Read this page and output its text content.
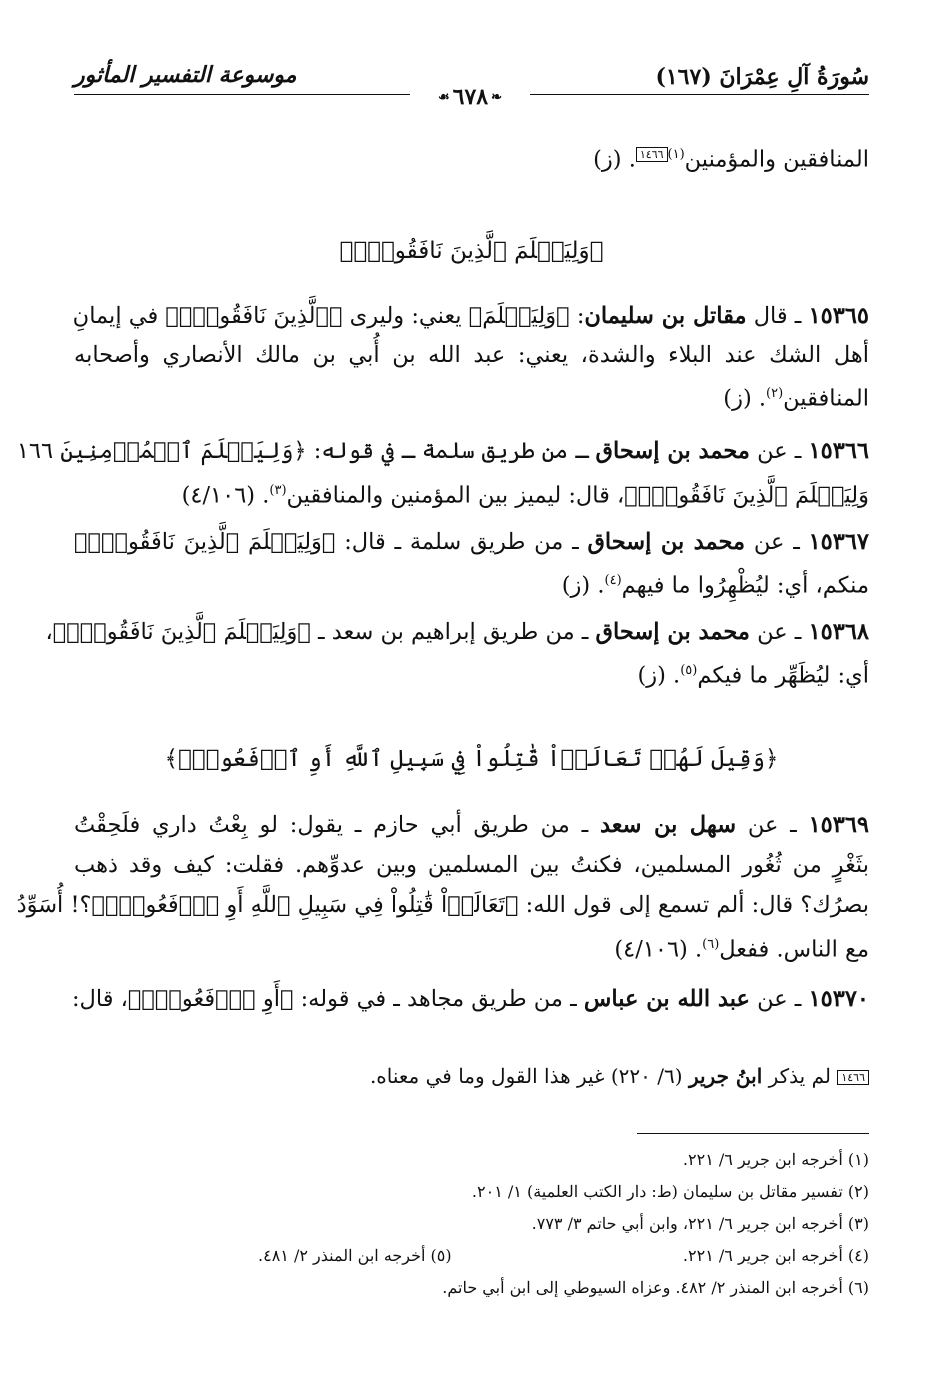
سُورَةُ آلِ عِمْرَانَ (١٦٧)
موسوعة التفسير المأثور
❧٦٧٨☙
المنافقين والمؤمنين$^{(١)}$١٤٦٦. (ز)
﴿وَلِيَعۡلَمَ ٱلَّذِينَ نَافَقُواْۚ﴾
١٥٣٦٥ ـ قال مقاتل بن سليمان: ﴿وَلِيَعۡلَمَ﴾ يعني: وليرى ﴿ٱلَّذِينَ نَافَقُواْۚ﴾ في إيمانِ
أهل الشك عند البلاء والشدة، يعني: عبد الله بن أُبي بن مالك الأنصاري وأصحابه
المنافقين$^{(٢)}$. (ز)
١٥٣٦٦ ـ عن محمد بن إسحاق ـ من طريق سلمة ـ في قوله: ﴿وَلِيَعۡلَمَ ٱلۡمُؤۡمِنِينَ ١٦٦
وَلِيَعۡلَمَ ٱلَّذِينَ نَافَقُواْۚ﴾، قال: ليميز بين المؤمنين والمنافقين$^{(٣)}$. (٤/١٠٦)
١٥٣٦٧ ـ عن محمد بن إسحاق ـ من طريق سلمة ـ قال: ﴿وَلِيَعۡلَمَ ٱلَّذِينَ نَافَقُواْۚ﴾
منكم، أي: ليُظْهِرُوا ما فيهم$^{(٤)}$. (ز)
١٥٣٦٨ ـ عن محمد بن إسحاق ـ من طريق إبراهيم بن سعد ـ ﴿وَلِيَعۡلَمَ ٱلَّذِينَ نَافَقُواْۚ﴾،
أي: ليُظَهِّر ما فيكم$^{(٥)}$. (ز)
﴿وَقِيلَ لَهُمۡ تَعَالَوۡاْ قَٰتِلُواْ فِي سَبِيلِ ٱللَّهِ أَوِ ٱدۡفَعُواْۖ﴾
١٥٣٦٩ ـ عن سهل بن سعد ـ من طريق أبي حازم ـ يقول: لو بِعْتُ داري فلَحِقْتُ
بثَغْرٍ من ثُغُور المسلمين، فكنتُ بين المسلمين وبين عدوِّهم. فقلت: كيف وقد ذهب
بصرُك؟ قال: ألم تسمع إلى قول الله: ﴿تَعَالَوۡاْ قَٰتِلُواْ فِي سَبِيلِ ٱللَّهِ أَوِ ٱدۡفَعُواْۖ﴾؟! أُسَوِّدُ
مع الناس. ففعل$^{(٦)}$. (٤/١٠٦)
١٥٣٧٠ ـ عن عبد الله بن عباس ـ من طريق مجاهد ـ في قوله: ﴿أَوِ ٱدۡفَعُواْۖ﴾، قال:
١٤٦٦ لم يذكر ابنُ جرير (٦/ ٢٢٠) غير هذا القول وما في معناه.
(١) أخرجه ابن جرير ٦/ ٢٢١.
(٢) تفسير مقاتل بن سليمان (ط: دار الكتب العلمية) ١/ ٢٠١.
(٣) أخرجه ابن جرير ٦/ ٢٢١، وابن أبي حاتم ٣/ ٧٧٣.
(٤) أخرجه ابن جرير ٦/ ٢٢١.
(٥) أخرجه ابن المنذر ٢/ ٤٨١.
(٦) أخرجه ابن المنذر ٢/ ٤٨٢. وعزاه السيوطي إلى ابن أبي حاتم.
